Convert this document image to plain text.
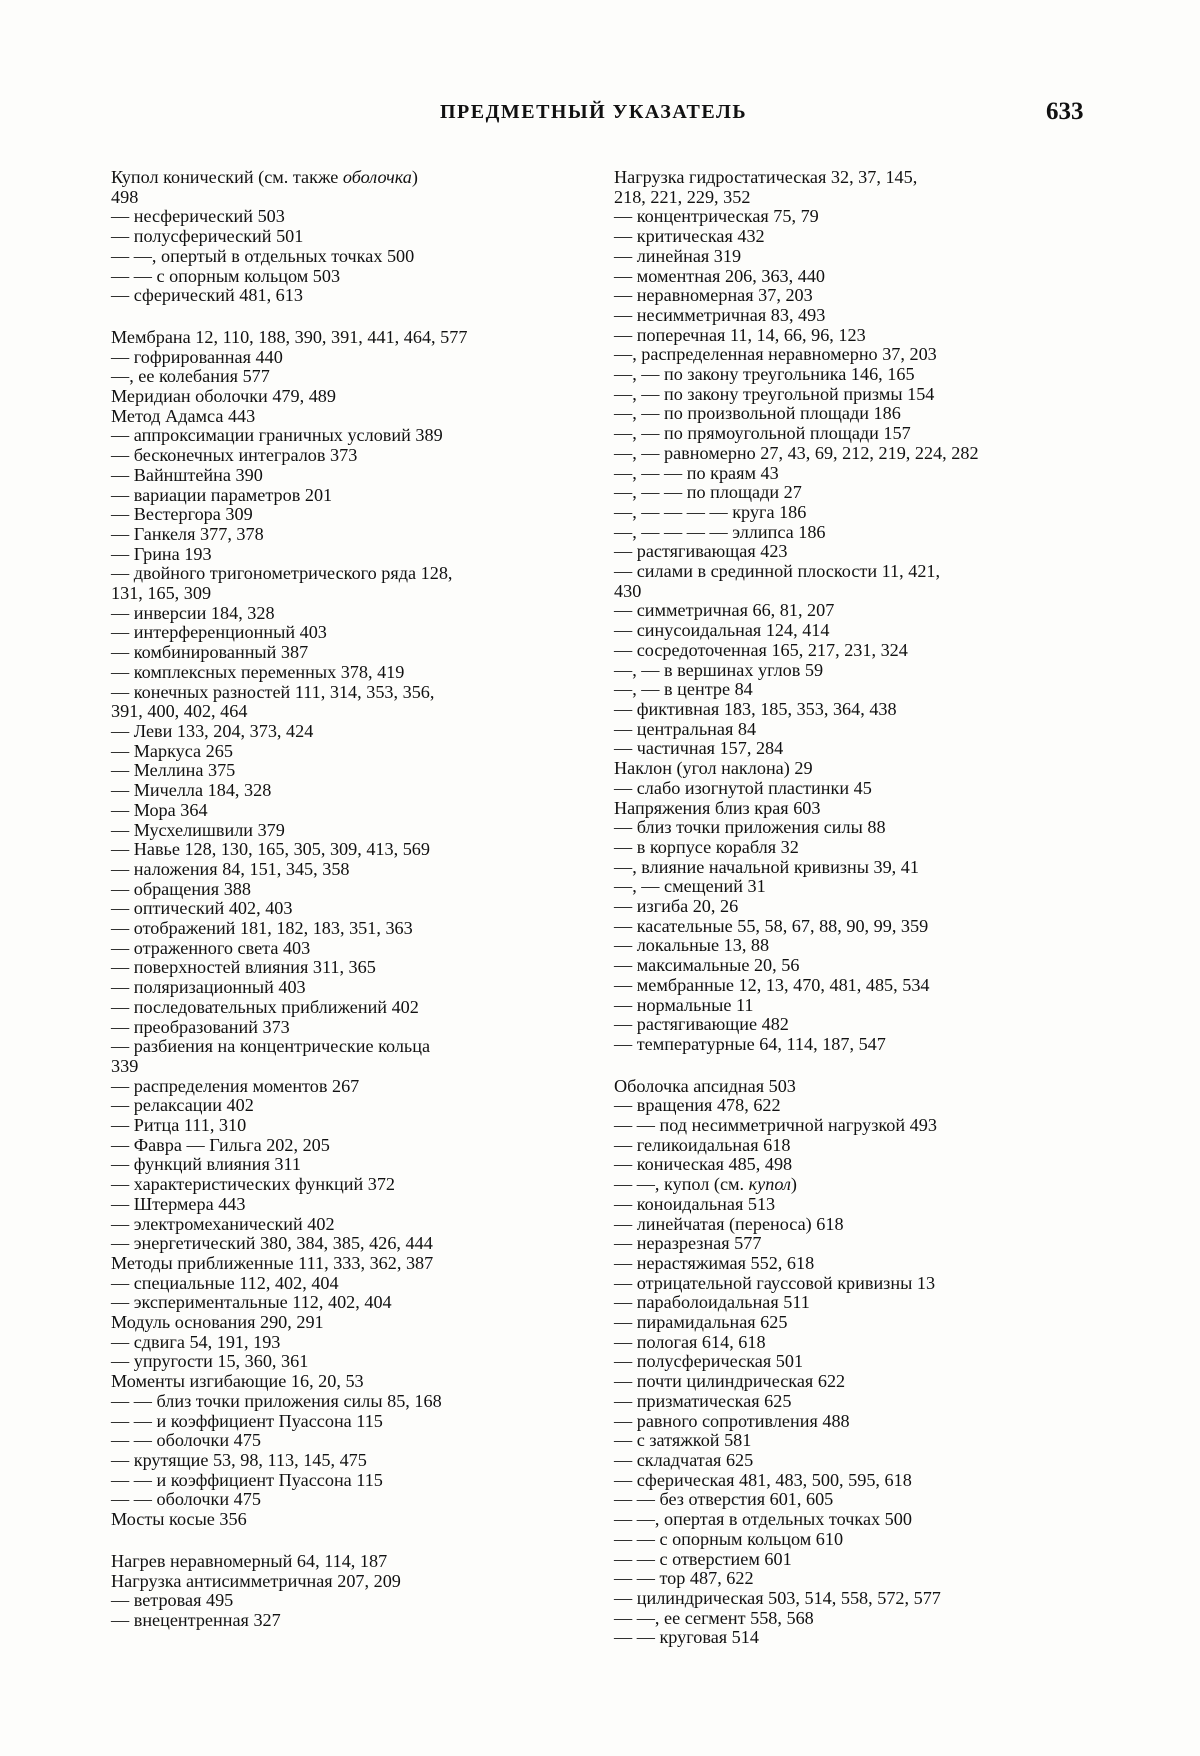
ПРЕДМЕТНЫЙ УКАЗАТЕЛЬ	633
Купол конический (см. также оболочка)
498
— несферический 503
— полусферический 501
— —, опертый в отдельных точках 500
— — с опорным кольцом 503
— сферический 481, 613
Мембрана 12, 110, 188, 390, 391, 441, 464, 577
— гофрированная 440
—, ее колебания 577
Меридиан оболочки 479, 489
Метод Адамса 443
— аппроксимации граничных условий 389
— бесконечных интегралов 373
— Вайнштейна 390
— вариации параметров 201
— Вестергора 309
— Ганкеля 377, 378
— Грина 193
— двойного тригонометрического ряда 128,
131, 165, 309
— инверсии 184, 328
— интерференционный 403
— комбинированный 387
— комплексных переменных 378, 419
— конечных разностей 111, 314, 353, 356,
391, 400, 402, 464
— Леви 133, 204, 373, 424
— Маркуса 265
— Меллина 375
— Мичелла 184, 328
— Мора 364
— Мусхелишвили 379
— Навье 128, 130, 165, 305, 309, 413, 569
— наложения 84, 151, 345, 358
— обращения 388
— оптический 402, 403
— отображений 181, 182, 183, 351, 363
— отраженного света 403
— поверхностей влияния 311, 365
— поляризационный 403
— последовательных приближений 402
— преобразований 373
— разбиения на концентрические кольца
339
— распределения моментов 267
— релаксации 402
— Ритца 111, 310
— Фавра — Гильга 202, 205
— функций влияния 311
— характеристических функций 372
— Штермера 443
— электромеханический 402
— энергетический 380, 384, 385, 426, 444
Методы приближенные 111, 333, 362, 387
— специальные 112, 402, 404
— экспериментальные 112, 402, 404
Модуль основания 290, 291
— сдвига 54, 191, 193
— упругости 15, 360, 361
Моменты изгибающие 16, 20, 53
— — близ точки приложения силы 85, 168
— — и коэффициент Пуассона 115
— — оболочки 475
— крутящие 53, 98, 113, 145, 475
— — и коэффициент Пуассона 115
— — оболочки 475
Мосты косые 356
Нагрев неравномерный 64, 114, 187
Нагрузка антисимметричная 207, 209
— ветровая 495
— внецентренная 327
Нагрузка гидростатическая 32, 37, 145,
218, 221, 229, 352
— концентрическая 75, 79
— критическая 432
— линейная 319
— моментная 206, 363, 440
— неравномерная 37, 203
— несимметричная 83, 493
— поперечная 11, 14, 66, 96, 123
—, распределенная неравномерно 37, 203
—, — по закону треугольника 146, 165
—, — по закону треугольной призмы 154
—, — по произвольной площади 186
—, — по прямоугольной площади 157
—, — равномерно 27, 43, 69, 212, 219, 224, 282
—, — — по краям 43
—, — — по площади 27
—, — — — — круга 186
—, — — — — эллипса 186
— растягивающая 423
— силами в срединной плоскости 11, 421,
430
— симметричная 66, 81, 207
— синусоидальная 124, 414
— сосредоточенная 165, 217, 231, 324
—, — в вершинах углов 59
—, — в центре 84
— фиктивная 183, 185, 353, 364, 438
— центральная 84
— частичная 157, 284
Наклон (угол наклона) 29
— слабо изогнутой пластинки 45
Напряжения близ края 603
— близ точки приложения силы 88
— в корпусе корабля 32
—, влияние начальной кривизны 39, 41
—, — смещений 31
— изгиба 20, 26
— касательные 55, 58, 67, 88, 90, 99, 359
— локальные 13, 88
— максимальные 20, 56
— мембранные 12, 13, 470, 481, 485, 534
— нормальные 11
— растягивающие 482
— температурные 64, 114, 187, 547
Оболочка апсидная 503
— вращения 478, 622
— — под несимметричной нагрузкой 493
— геликоидальная 618
— коническая 485, 498
— —, купол (см. купол)
— коноидальная 513
— линейчатая (переноса) 618
— неразрезная 577
— нерастяжимая 552, 618
— отрицательной гауссовой кривизны 13
— параболоидальная 511
— пирамидальная 625
— пологая 614, 618
— полусферическая 501
— почти цилиндрическая 622
— призматическая 625
— равного сопротивления 488
— с затяжкой 581
— складчатая 625
— сферическая 481, 483, 500, 595, 618
— — без отверстия 601, 605
— —, опертая в отдельных точках 500
— — с опорным кольцом 610
— — с отверстием 601
— — тор 487, 622
— цилиндрическая 503, 514, 558, 572, 577
— —, ее сегмент 558, 568
— — круговая 514
